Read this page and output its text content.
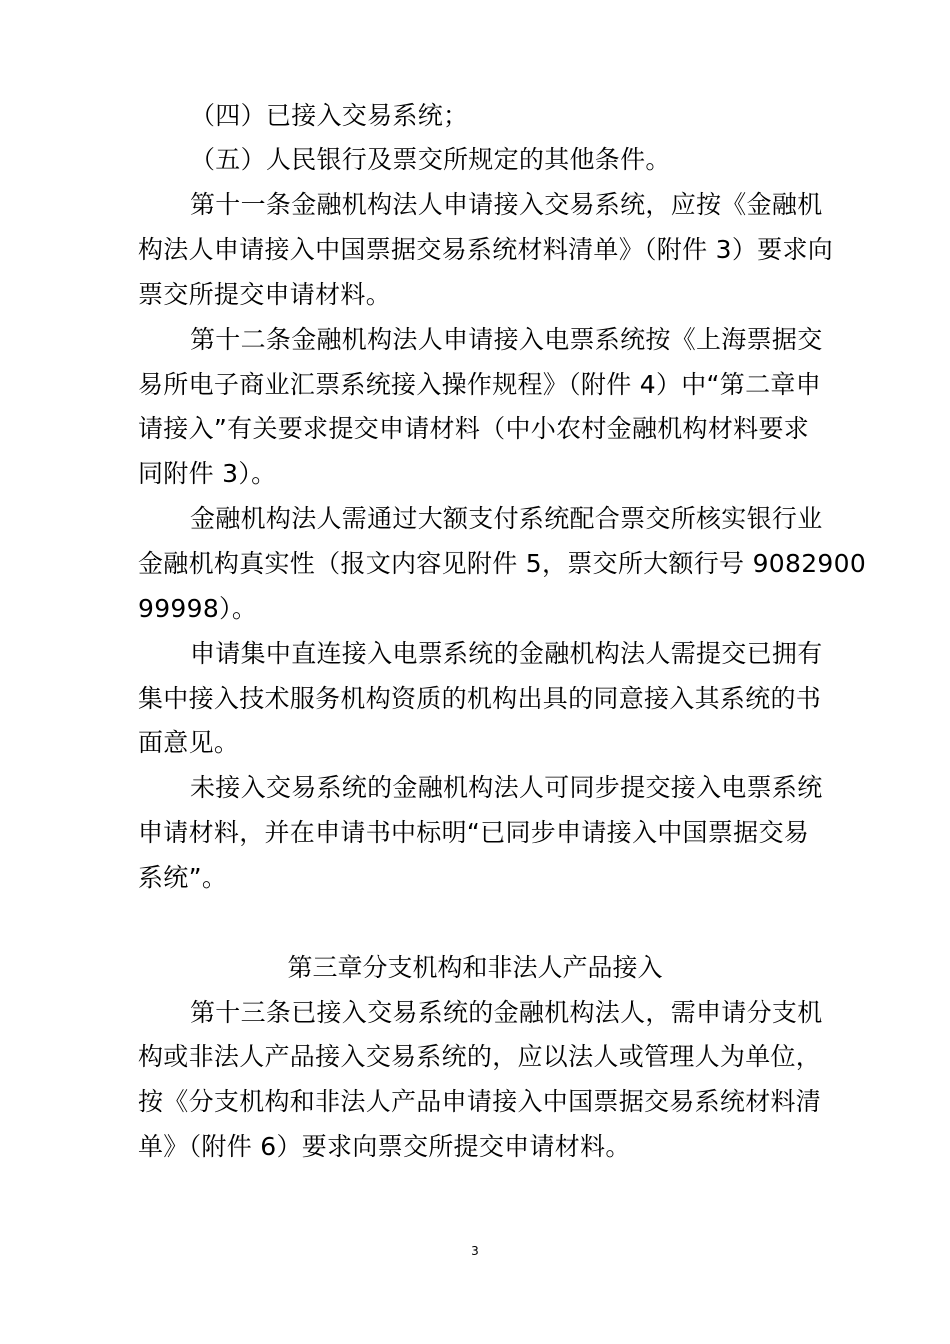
（四）已接入交易系统；
（五）人民银行及票交所规定的其他条件。
第十一条金融机构法人申请接入交易系统，应按《金融机
构法人申请接入中国票据交易系统材料清单》（附件 3）要求向
票交所提交申请材料。
第十二条金融机构法人申请接入电票系统按《上海票据交
易所电子商业汇票系统接入操作规程》（附件 4）中“第二章申
请接入”有关要求提交申请材料（中小农村金融机构材料要求
同附件 3）。
金融机构法人需通过大额支付系统配合票交所核实银行业
金融机构真实性（报文内容见附件 5，票交所大额行号 9082900
99998）。
申请集中直连接入电票系统的金融机构法人需提交已拥有
集中接入技术服务机构资质的机构出具的同意接入其系统的书
面意见。
未接入交易系统的金融机构法人可同步提交接入电票系统
申请材料，并在申请书中标明“已同步申请接入中国票据交易
系统”。
第三章分支机构和非法人产品接入
第十三条已接入交易系统的金融机构法人，需申请分支机
构或非法人产品接入交易系统的，应以法人或管理人为单位，
按《分支机构和非法人产品申请接入中国票据交易系统材料清
单》（附件 6）要求向票交所提交申请材料。
3
